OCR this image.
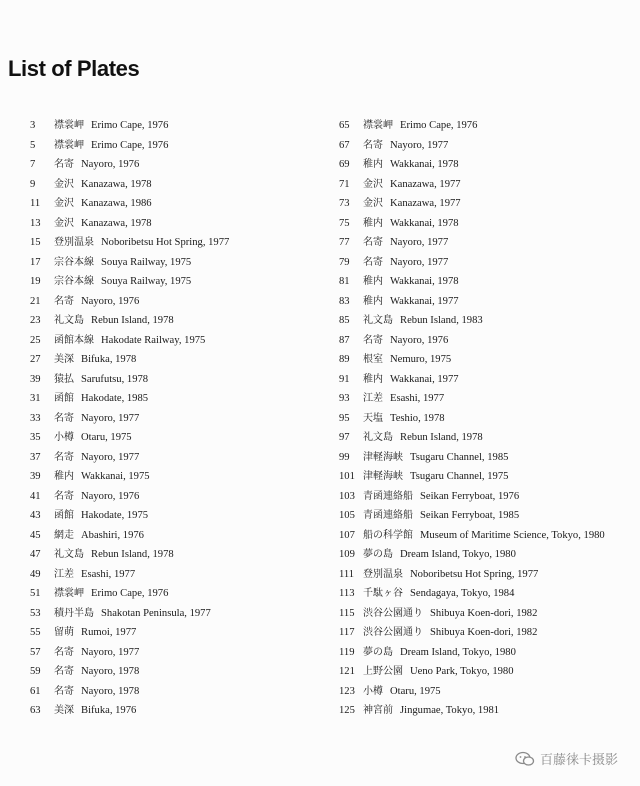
List of Plates
3	襟裳岬 Erimo Cape, 1976
5	襟裳岬 Erimo Cape, 1976
7	名寄 Nayoro, 1976
9	金沢 Kanazawa, 1978
11	金沢 Kanazawa, 1986
13	金沢 Kanazawa, 1978
15	登別温泉 Noboribetsu Hot Spring, 1977
17	宗谷本線 Souya Railway, 1975
19	宗谷本線 Souya Railway, 1975
21	名寄 Nayoro, 1976
23	礼文島 Rebun Island, 1978
25	函館本線 Hakodate Railway, 1975
27	美深 Bifuka, 1978
39	猿払 Sarufutsu, 1978
31	函館 Hakodate, 1985
33	名寄 Nayoro, 1977
35	小樽 Otaru, 1975
37	名寄 Nayoro, 1977
39	稚内 Wakkanai, 1975
41	名寄 Nayoro, 1976
43	函館 Hakodate, 1975
45	網走 Abashiri, 1976
47	礼文島 Rebun Island, 1978
49	江差 Esashi, 1977
51	襟裳岬 Erimo Cape, 1976
53	積丹半島 Shakotan Peninsula, 1977
55	留萌 Rumoi, 1977
57	名寄 Nayoro, 1977
59	名寄 Nayoro, 1978
61	名寄 Nayoro, 1978
63	美深 Bifuka, 1976
65	襟裳岬 Erimo Cape, 1976
67	名寄 Nayoro, 1977
69	稚内 Wakkanai, 1978
71	金沢 Kanazawa, 1977
73	金沢 Kanazawa, 1977
75	稚内 Wakkanai, 1978
77	名寄 Nayoro, 1977
79	名寄 Nayoro, 1977
81	稚内 Wakkanai, 1978
83	稚内 Wakkanai, 1977
85	礼文島 Rebun Island, 1983
87	名寄 Nayoro, 1976
89	根室 Nemuro, 1975
91	稚内 Wakkanai, 1977
93	江差 Esashi, 1977
95	天塩 Teshio, 1978
97	礼文島 Rebun Island, 1978
99	津軽海峡 Tsugaru Channel, 1985
101 津軽海峡 Tsugaru Channel, 1975
103 青函連絡船 Seikan Ferryboat, 1976
105 青函連絡船 Seikan Ferryboat, 1985
107 船の科学館 Museum of Maritime Science, Tokyo, 1980
109 夢の島 Dream Island, Tokyo, 1980
111 登別温泉 Noboribetsu Hot Spring, 1977
113 千駄ヶ谷 Sendagaya, Tokyo, 1984
115 渋谷公園通り Shibuya Koen-dori, 1982
117 渋谷公園通り Shibuya Koen-dori, 1982
119 夢の島 Dream Island, Tokyo, 1980
121 上野公園 Ueno Park, Tokyo, 1980
123 小樽 Otaru, 1975
125 神宮前 Jingumae, Tokyo, 1981
百藤徕卡摄影
